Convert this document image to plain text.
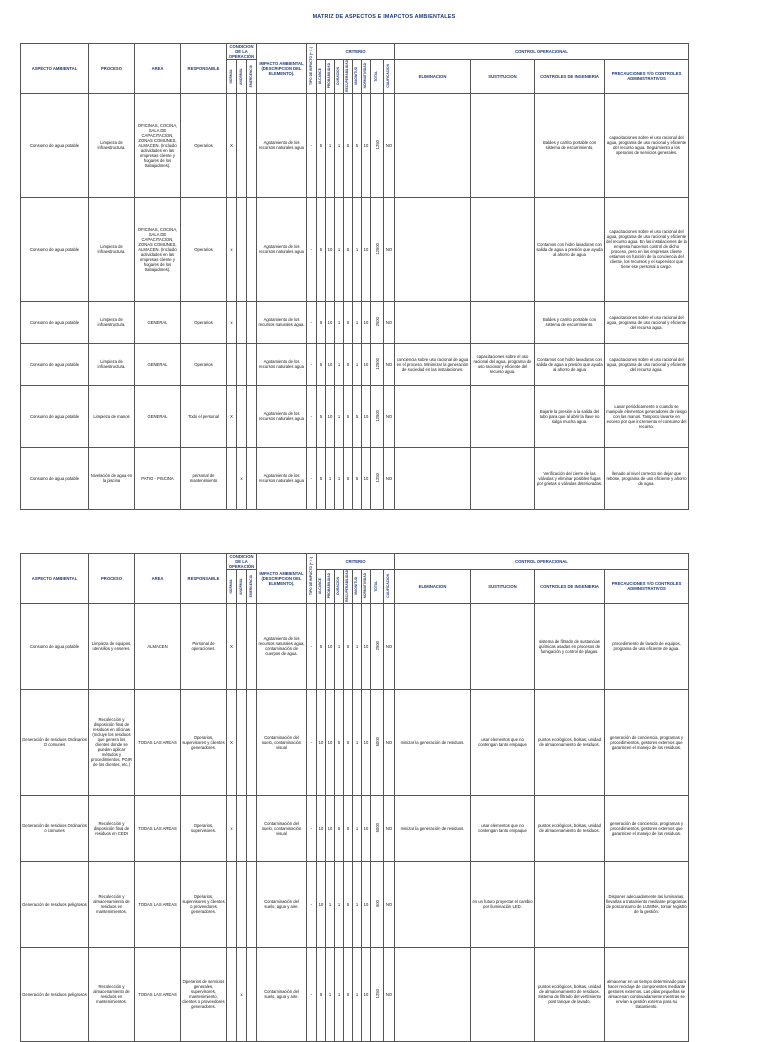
MATRIZ DE ASPECTOS E IMAPCTOS AMBIENTALES
ASPECTO AMBIENTAL	PROCESO	AREA	RESPONSABLE	CONDICION DE LA OPERACIÓN			IMPACTO AMBIENTAL (DESCRIPCION DEL ELEMENTO).	TIPO DE IMPACTO (+ / -)	CRITERIO								CONTROL OPERACIONAL			
				NORMAL	ANORMAL	EMERGENCIA			ALCANCE	PROBABILIDAD	DURACION	RECUPERABILIDAD	MAGNITUD	NORMATIVIDAD	TOTAL	CALIFICACION	ELIMINACION	SUSTITUCION	CONTROLES DE INGENIERIA	PRECAUCIONES Y/O CONTROLES ADMINISTRATIVOS
Consumo de agua potable	Limpieza de infraestructura.	OFICINAS, COCINA, SALA DE CAPACITACION, ZONAS COMUNES, ALMACEN. (Incluido actividades en las empresas cliente y hogares de los trabajadores).	Operarios	X			Agotamiento de los recursos naturales agua	-	5	1	1	5	5	10	1250	NO			Baldes y carrito portable con sistema de escurrimiento.	capacitaciones sobre el uso racional del agua, programa de uso racional y eficiente del recurso agua. Seguimiento a los operarios de servicios generales.
Consumo de agua potable	Limpieza de infraestructura.	OFICINAS, COCINA, SALA DE CAPACITACION, ZONAS COMUNES, ALMACEN. (Incluido actividades en las empresas cliente y hogares de los trabajadores).	Operarios	x			Agotamiento de los recursos naturales agua	-	5	10	1	5	1	10	12500	NO			Contamos con hidro lavadoras con salida de agua a presión que ayuda al ahorro de agua	capacitaciones sobre el uso racional del agua, programa de uso racional y eficiente del recurso agua. En las instalaciones de la empresa hacemos control de dicho proceso, pero en las empresas cliente estamos en función de la conciencia del cliente, los recursos y el supervisor que tiene ese personal a cargo.
Consumo de agua potable	Limpieza de infraestructura.	GENERAL	Operarios	x			Agotamiento de los recursos naturales agua.	-	5	10	1	5	1	10	2500	NO			Baldes y carrito portable con sistema de escurrimiento.	capacitaciones sobre el uso racional del agua, programa de uso racional y eficiente del recurso agua.
Consumo de agua potable	Limpieza de infraestructura.	GENERAL	Operarios				Agotamiento de los recursos naturales agua	-	5	10	1	5	1	10	12500	NO	conciencia sobre uso racional de agua en el proceso. Minimizar la generación de suciedad en las instalaciones.	capacitaciones sobre el uso racional del agua, programa de uso racional y eficiente del recurso agua.	Contamos con hidro lavadoras con salida de agua a presión que ayuda al ahorro de agua	capacitaciones sobre el uso racional del agua, programa de uso racional y eficiente del recurso agua.
Consumo de agua potable	Limpieza de manos	GENERAL	Todo el personal	X			Agotamiento de los recursos naturales agua	-	5	10	1	5	5	10	12500	NO			Bajarle la presión a la salida del tubo para que al abrir la llave no salga mucha agua.	Lavar periódicamente o cuando se manipule elementos generadores de riesgo con las manos. Tampoco lavarse en exceso por que incrementa el consumo del recurso.
Consumo de agua potable	Nivelación de agua en la piscina	PATIO - PISCINA	personal de mantenimiento		x		Agotamiento de los recursos naturales agua	-	5	1	1	5	5	10	1250	NO			Verificación del cierre de las válvulas y eliminar posibles fugas por grietas o válvulas deterioradas.	llenado al nivel correcto sin dejar que rebose, programa de uso eficiente y ahorro de agua.
ASPECTO AMBIENTAL	PROCESO	AREA	RESPONSABLE	CONDICION DE LA OPERACIÓN			IMPACTO AMBIENTAL (DESCRIPCION DEL ELEMENTO).	TIPO DE IMPACTO (+ / -)	CRITERIO								CONTROL OPERACIONAL			
				NORMAL	ANORMAL	EMERGENCIA			ALCANCE	PROBABILIDAD	DURACION	RECUPERABILIDAD	MAGNITUD	NORMATIVIDAD	TOTAL	CALIFICACION	ELIMINACION	SUSTITUCION	CONTROLES DE INGENIERIA	PRECAUCIONES Y/O CONTROLES ADMINISTRATIVOS
Consumo de agua potable	Limpieza de equipos, utensilios y enseres.	ALMACEN	Personal de operaciones.	X			Agotamiento de los recursos naturales agua, contaminación de cuerpos de agua.	-	5	10	1	5	1	10	2500	NO			sistema de filtrado de sustancias químicas usadas en procesos de fumigación y control de plagas.	procedimiento de lavado de equipos, programa de uso eficiente de agua.
Generación de residuos Ordinarios O comunes	Recolección y disposición final de residuos en oficinas (Incluye los residuos que genera los clientes donde se pueden aplicar métodos y procedimientos, PGIR de los clientes, etc.)	TODAS LAS AREAS	Operarios, supervisores y clientes generadores.	X			Contaminación del suelo, contaminación visual	-	10	10	5	5	1	10	5000	NO	minizar la generación de residuos.	usar elementos que no contengan tanto empaque	puntos ecológicos, bolsas, unidad de almacenamiento de residuos.	generación de conciencia, programas y procedimientos, gestores externos que garanticen el manejo de los residuos.
Generación de residuos Ordinarios o comunes	Recolección y disposición final de residuos en CEDI	TODAS LAS AREAS	Operarios, supervisores.	x			Contaminación del suelo, contaminación visual	-	10	10	5	5	1	10	5000	NO	minizar la generación de residuos.	usar elementos que no contengan tanto empaque	puntos ecológicos, bolsas, unidad de almacenamiento de residuos.	generación de conciencia, programas y procedimientos, gestores externos que garanticen el manejo de los residuos.
Generación de residuos peligrosos	Recolección y almacenamiento de residuos en mantenimientos.	TODAS LAS AREAS	Operarios, supervisores y clientes o proveedores generadores.				Contaminación del suelo, agua y aire.	-	10	1	1	5	1	10	500	NO		en un futuro proyectar el cambio por iluminación LED.		Disponer adecuadamente las luminarias, llevarlas a tratamiento mediante programas de posconsumo de LUMINA, tomar registro de la gestión.
Generación de residuos peligrosos	Recolección y almacenamiento de residuos en mantenimientos.	TODAS LAS AREAS	Operarios de servicios generales, supervisores, mantenimiento, clientes o proveedores generadores.		x		Contaminación del suelo, agua y aire.	-	5	1	1	5	1	10	1250	NO			puntos ecológicos, bolsas, unidad de almacenamiento de residuos. Sistema de filtrado del vertimiento post tanque de lavado.	almacenar en un tiempo determinado para hacer reciclaje de componentes mediante gestores externos. Las pilas pequeñas se almacenan continuadamente mientras se envían a gestión externa para su tratamiento.
